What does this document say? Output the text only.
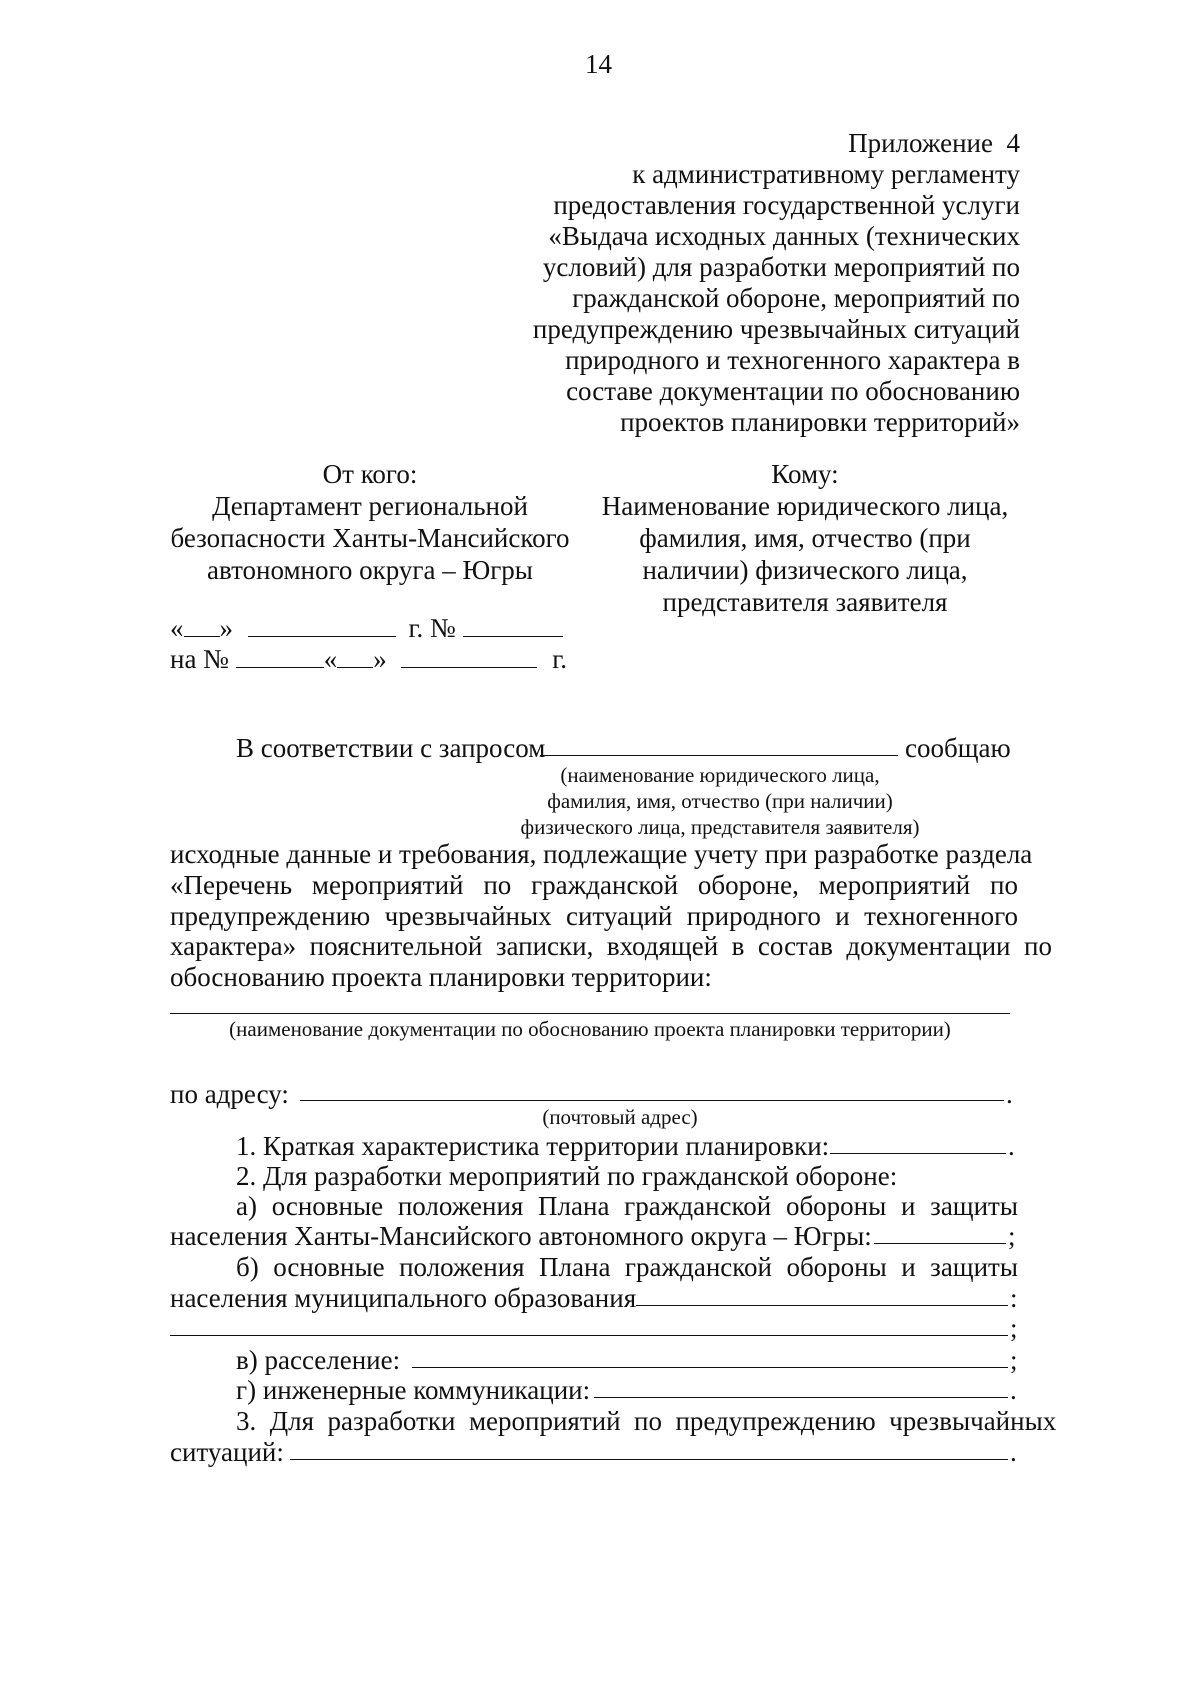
14
Приложение  4
к административному регламенту
предоставления государственной услуги
«Выдача исходных данных (технических
условий) для разработки мероприятий по
гражданской обороне, мероприятий по
предупреждению чрезвычайных ситуаций
природного и техногенного характера в
составе документации по обоснованию
проектов планировки территорий»
От кого:
Департамент региональной
безопасности Ханты-Мансийского
автономного округа – Югры
Кому:
Наименование юридического лица,
фамилия, имя, отчество (при
наличии) физического лица,
представителя заявителя
« »	г. №
на №	« »	г.
В соответствии с запросом	сообщаю
(наименование юридического лица,
фамилия, имя, отчество (при наличии)
физического лица, представителя заявителя)
исходные данные и требования, подлежащие учету при разработке раздела
«Перечень  мероприятий  по  гражданской  обороне,  мероприятий  по
предупреждению  чрезвычайных  ситуаций  природного  и  техногенного
характера»  пояснительной  записки,  входящей  в  состав  документации  по
обоснованию проекта планировки территории:
(наименование документации по обоснованию проекта планировки территории)
по адресу:	.
(почтовый адрес)
1. Краткая характеристика территории планировки:	.
2. Для разработки мероприятий по гражданской обороне:
а)  основные  положения  Плана  гражданской  обороны  и  защиты
населения Ханты-Мансийского автономного округа – Югры:	;
б)  основные  положения  Плана  гражданской  обороны  и  защиты
населения муниципального образования	:
;
в) расселение:	;
г) инженерные коммуникации:	.
3.  Для  разработки  мероприятий  по  предупреждению  чрезвычайных
ситуаций:	.
